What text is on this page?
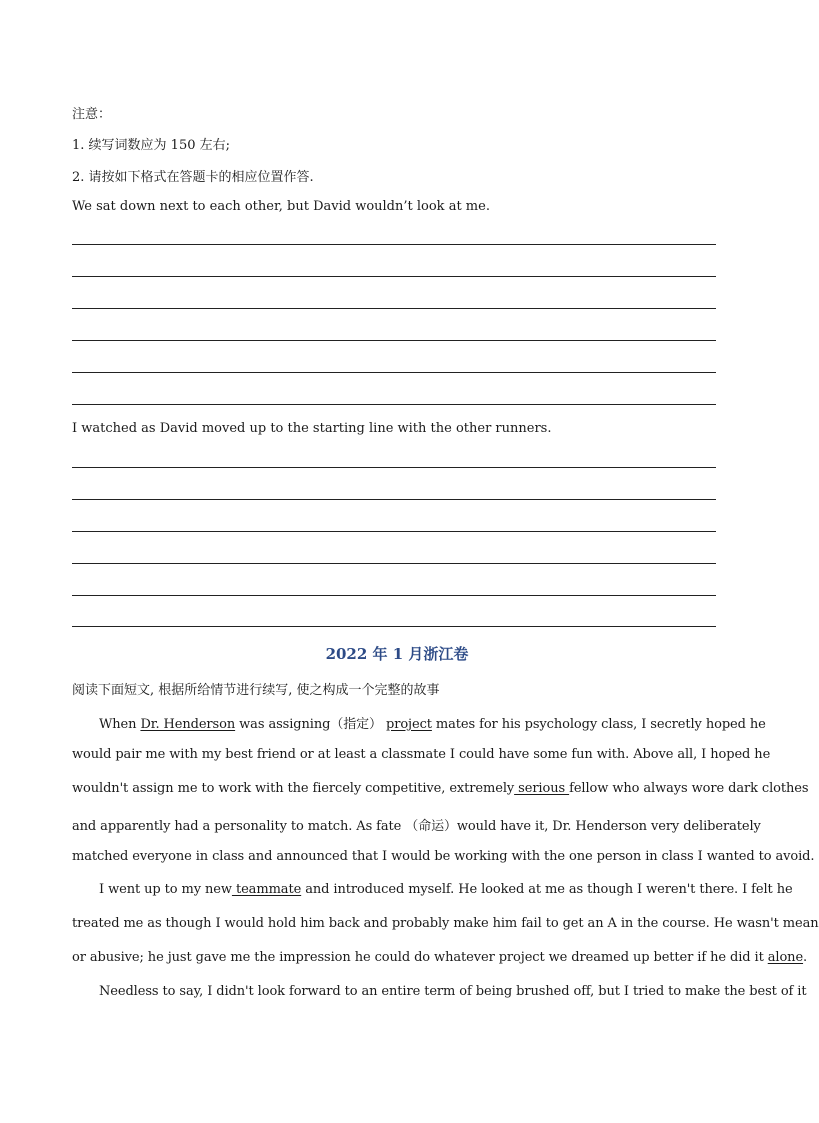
注意：
1. 续写词数应为 150 左右;
2. 请按如下格式在答题卡的相应位置作答.
We sat down next to each other, but David wouldn’t look at me.
I watched as David moved up to the starting line with the other runners.
2022 年 1 月浙江卷
阅读下面短文, 根据所给情节进行续写, 使之构成一个完整的故事
When Dr. Henderson was assigning（指定） project mates for his psychology class, I secretly hoped he
would pair me with my best friend or at least a classmate I could have some fun with. Above all, I hoped he
wouldn't assign me to work with the fiercely competitive, extremely serious fellow who always wore dark clothes
and apparently had a personality to match. As fate （命运）would have it, Dr. Henderson very deliberately
matched everyone in class and announced that I would be working with the one person in class I wanted to avoid.
I went up to my new teammate and introduced myself. He looked at me as though I weren't there. I felt he
treated me as though I would hold him back and probably make him fail to get an A in the course. He wasn't mean
or abusive; he just gave me the impression he could do whatever project we dreamed up better if he did it alone.
Needless to say, I didn't look forward to an entire term of being brushed off, but I tried to make the best of it
